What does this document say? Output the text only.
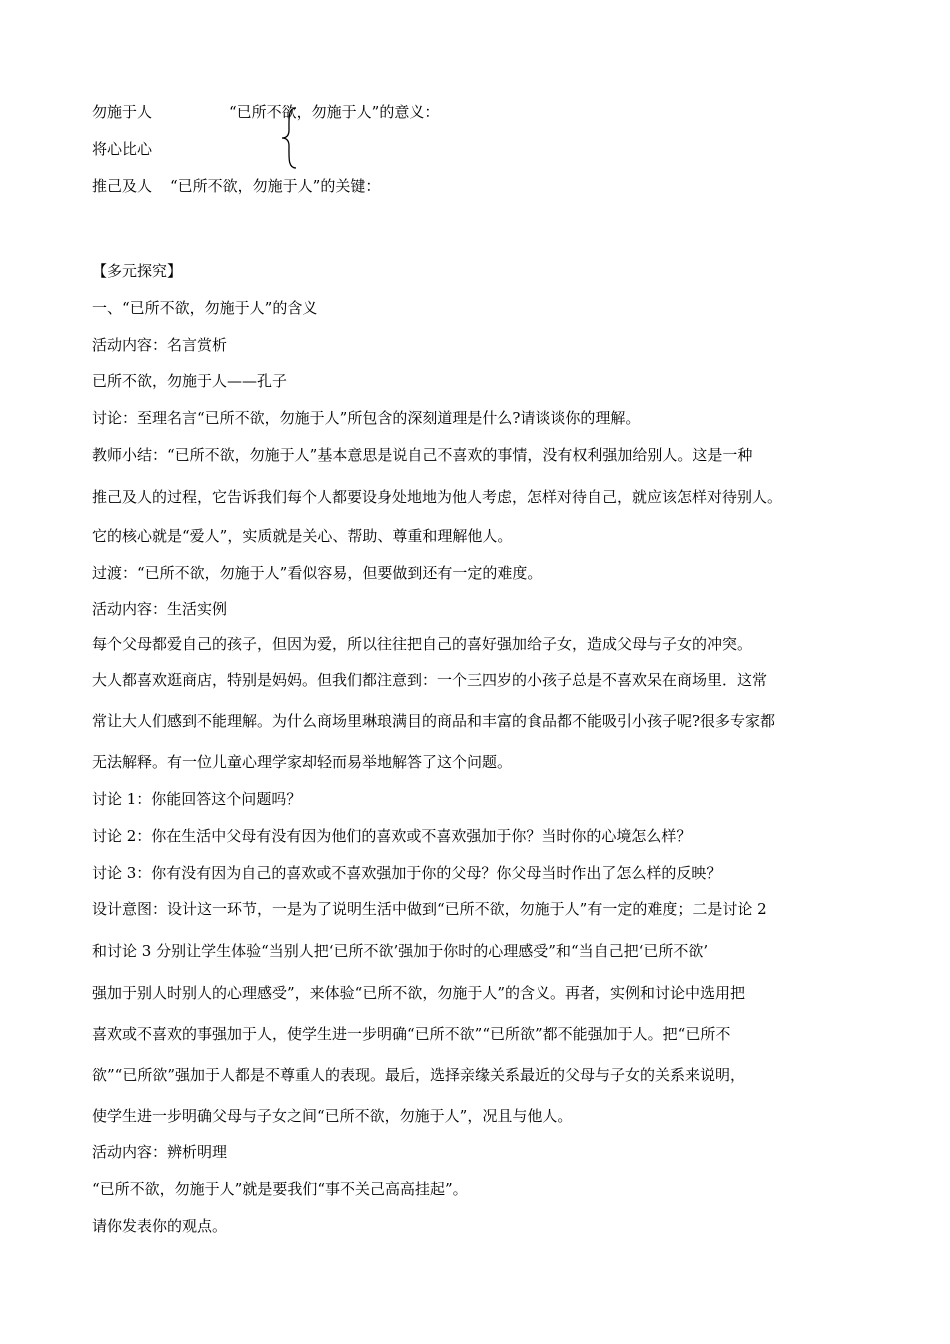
勿施于人	“已所不欲，勿施于人”的意义：
将心比心
推己及人 “已所不欲，勿施于人”的关键：
【多元探究】
一、“已所不欲，勿施于人”的含义
活动内容：名言赏析
已所不欲，勿施于人——孔子
讨论：至理名言“已所不欲，勿施于人”所包含的深刻道理是什么?请谈谈你的理解。
教师小结：“已所不欲，勿施于人”基本意思是说自己不喜欢的事情，没有权利强加给别人。这是一种
推己及人的过程，它告诉我们每个人都要设身处地地为他人考虑，怎样对待自己，就应该怎样对待别人。
它的核心就是“爱人”，实质就是关心、帮助、尊重和理解他人。
过渡：“已所不欲，勿施于人”看似容易，但要做到还有一定的难度。
活动内容：生活实例
每个父母都爱自己的孩子，但因为爱，所以往往把自己的喜好强加给子女，造成父母与子女的冲突。
大人都喜欢逛商店，特别是妈妈。但我们都注意到：一个三四岁的小孩子总是不喜欢呆在商场里．这常
常让大人们感到不能理解。为什么商场里琳琅满目的商品和丰富的食品都不能吸引小孩子呢?很多专家都
无法解释。有一位儿童心理学家却轻而易举地解答了这个问题。
讨论 1：你能回答这个问题吗？
讨论 2：你在生活中父母有没有因为他们的喜欢或不喜欢强加于你？当时你的心境怎么样？
讨论 3：你有没有因为自己的喜欢或不喜欢强加于你的父母？你父母当时作出了怎么样的反映？
设计意图：设计这一环节，一是为了说明生活中做到“已所不欲，勿施于人”有一定的难度；二是讨论 2
和讨论 3 分别让学生体验“当别人把‘已所不欲’强加于你时的心理感受”和“当自己把‘已所不欲’
强加于别人时别人的心理感受”，来体验“已所不欲，勿施于人”的含义。再者，实例和讨论中选用把
喜欢或不喜欢的事强加于人，使学生进一步明确“已所不欲”“已所欲”都不能强加于人。把“已所不
欲”“已所欲”强加于人都是不尊重人的表现。最后，选择亲缘关系最近的父母与子女的关系来说明，
使学生进一步明确父母与子女之间“已所不欲，勿施于人”，况且与他人。
活动内容：辨析明理
“已所不欲，勿施于人”就是要我们“事不关己高高挂起”。
请你发表你的观点。
